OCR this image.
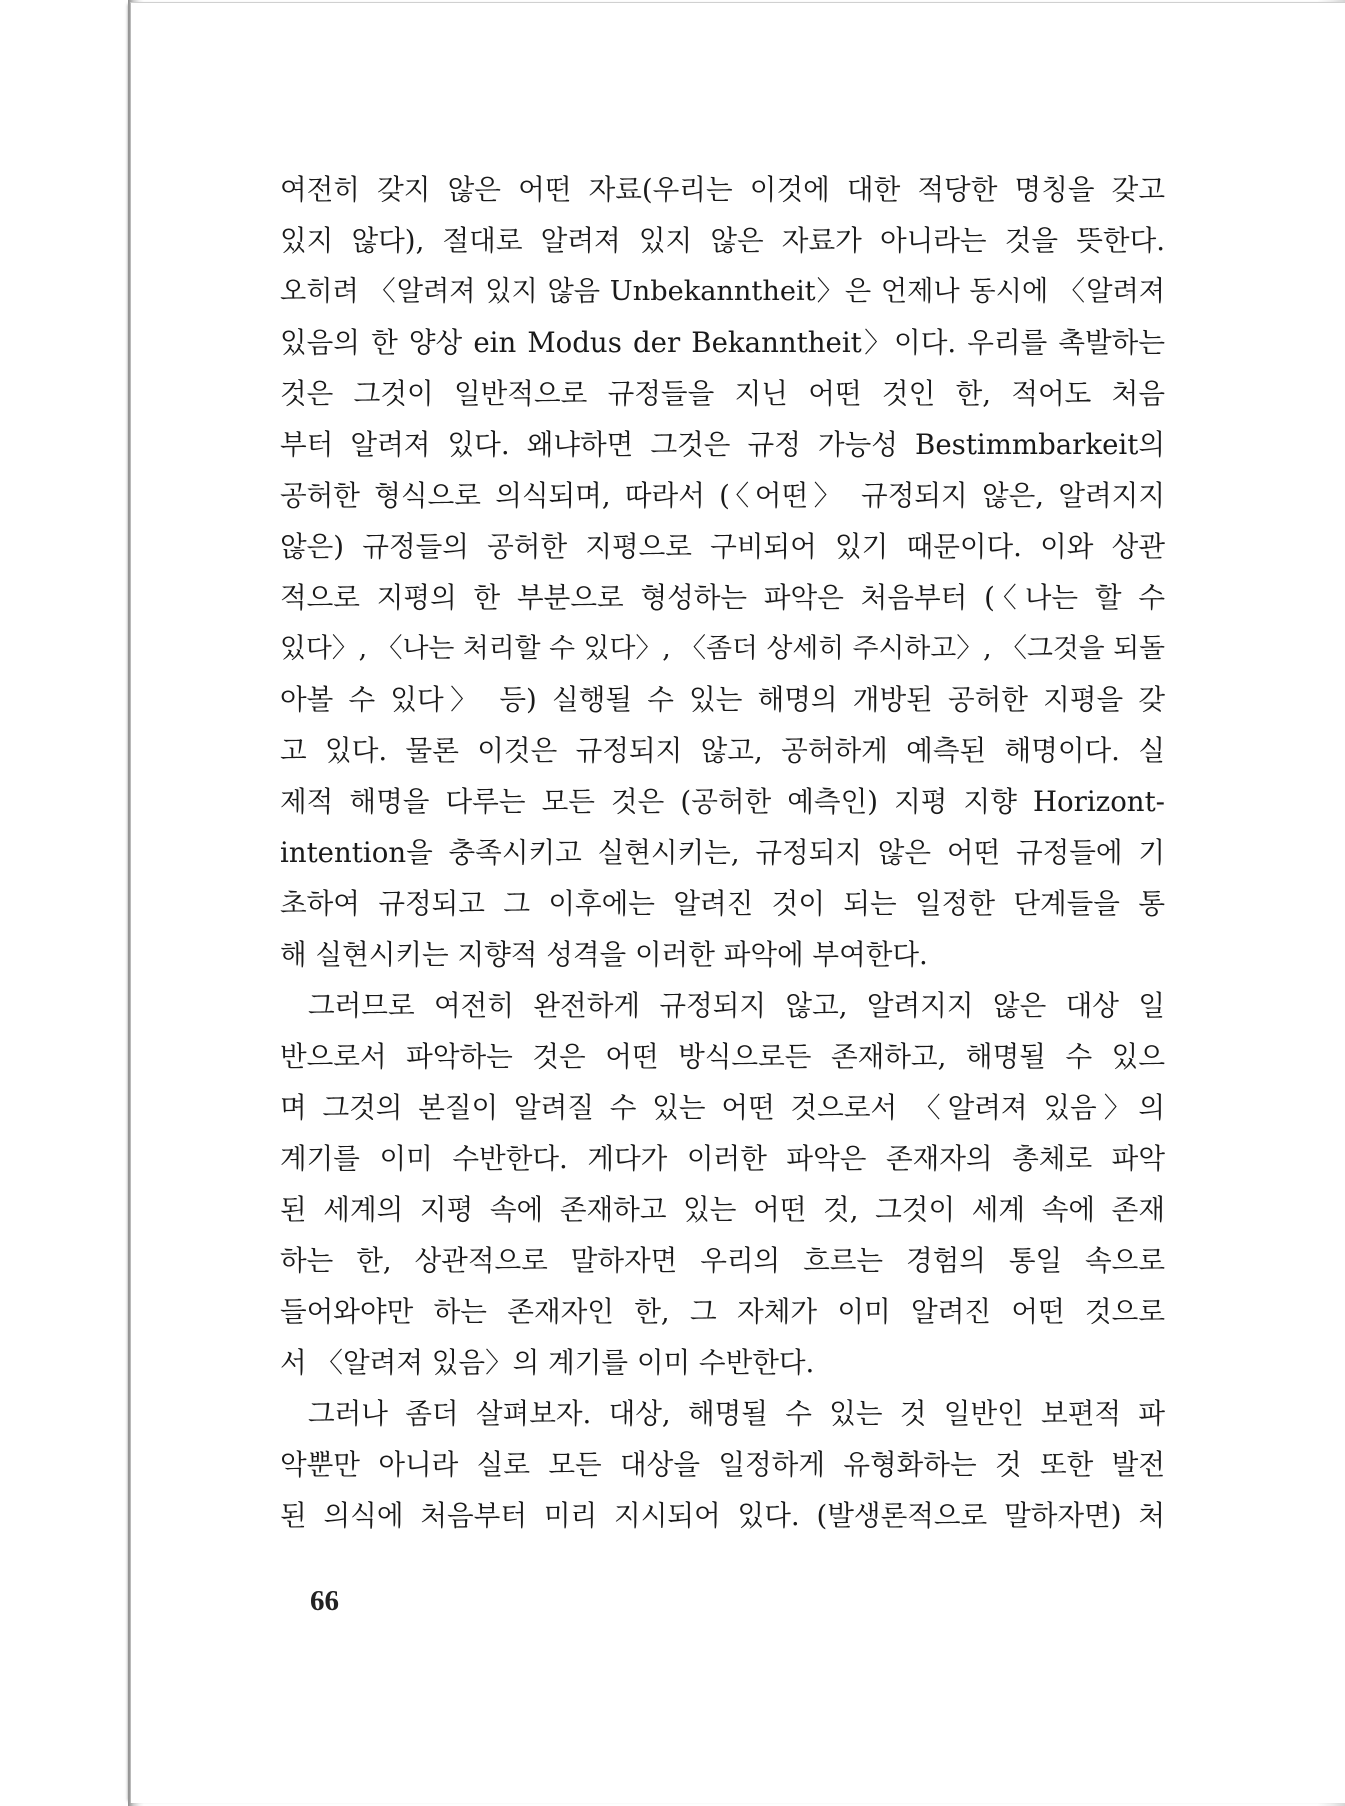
여전히 갖지 않은 어떤 자료(우리는 이것에 대한 적당한 명칭을 갖고
있지 않다), 절대로 알려져 있지 않은 자료가 아니라는 것을 뜻한다.
오히려 〈알려져 있지 않음 Unbekanntheit〉은 언제나 동시에 〈알려져
있음의 한 양상 ein Modus der Bekanntheit〉이다. 우리를 촉발하는
것은 그것이 일반적으로 규정들을 지닌 어떤 것인 한, 적어도 처음
부터 알려져 있다. 왜냐하면 그것은 규정 가능성 Bestimmbarkeit의
공허한 형식으로 의식되며, 따라서 (〈어떤〉 규정되지 않은, 알려지지
않은) 규정들의 공허한 지평으로 구비되어 있기 때문이다. 이와 상관
적으로 지평의 한 부분으로 형성하는 파악은 처음부터 (〈나는 할 수
있다〉, 〈나는 처리할 수 있다〉, 〈좀더 상세히 주시하고〉, 〈그것을 되돌
아볼 수 있다〉 등) 실행될 수 있는 해명의 개방된 공허한 지평을 갖
고 있다. 물론 이것은 규정되지 않고, 공허하게 예측된 해명이다. 실
제적 해명을 다루는 모든 것은 (공허한 예측인) 지평 지향 Horizont-
intention을 충족시키고 실현시키는, 규정되지 않은 어떤 규정들에 기
초하여 규정되고 그 이후에는 알려진 것이 되는 일정한 단계들을 통
해 실현시키는 지향적 성격을 이러한 파악에 부여한다.
그러므로 여전히 완전하게 규정되지 않고, 알려지지 않은 대상 일
반으로서 파악하는 것은 어떤 방식으로든 존재하고, 해명될 수 있으
며 그것의 본질이 알려질 수 있는 어떤 것으로서 〈알려져 있음〉의
계기를 이미 수반한다. 게다가 이러한 파악은 존재자의 총체로 파악
된 세계의 지평 속에 존재하고 있는 어떤 것, 그것이 세계 속에 존재
하는 한, 상관적으로 말하자면 우리의 흐르는 경험의 통일 속으로
들어와야만 하는 존재자인 한, 그 자체가 이미 알려진 어떤 것으로
서 〈알려져 있음〉의 계기를 이미 수반한다.
그러나 좀더 살펴보자. 대상, 해명될 수 있는 것 일반인 보편적 파
악뿐만 아니라 실로 모든 대상을 일정하게 유형화하는 것 또한 발전
된 의식에 처음부터 미리 지시되어 있다. (발생론적으로 말하자면) 처
66
